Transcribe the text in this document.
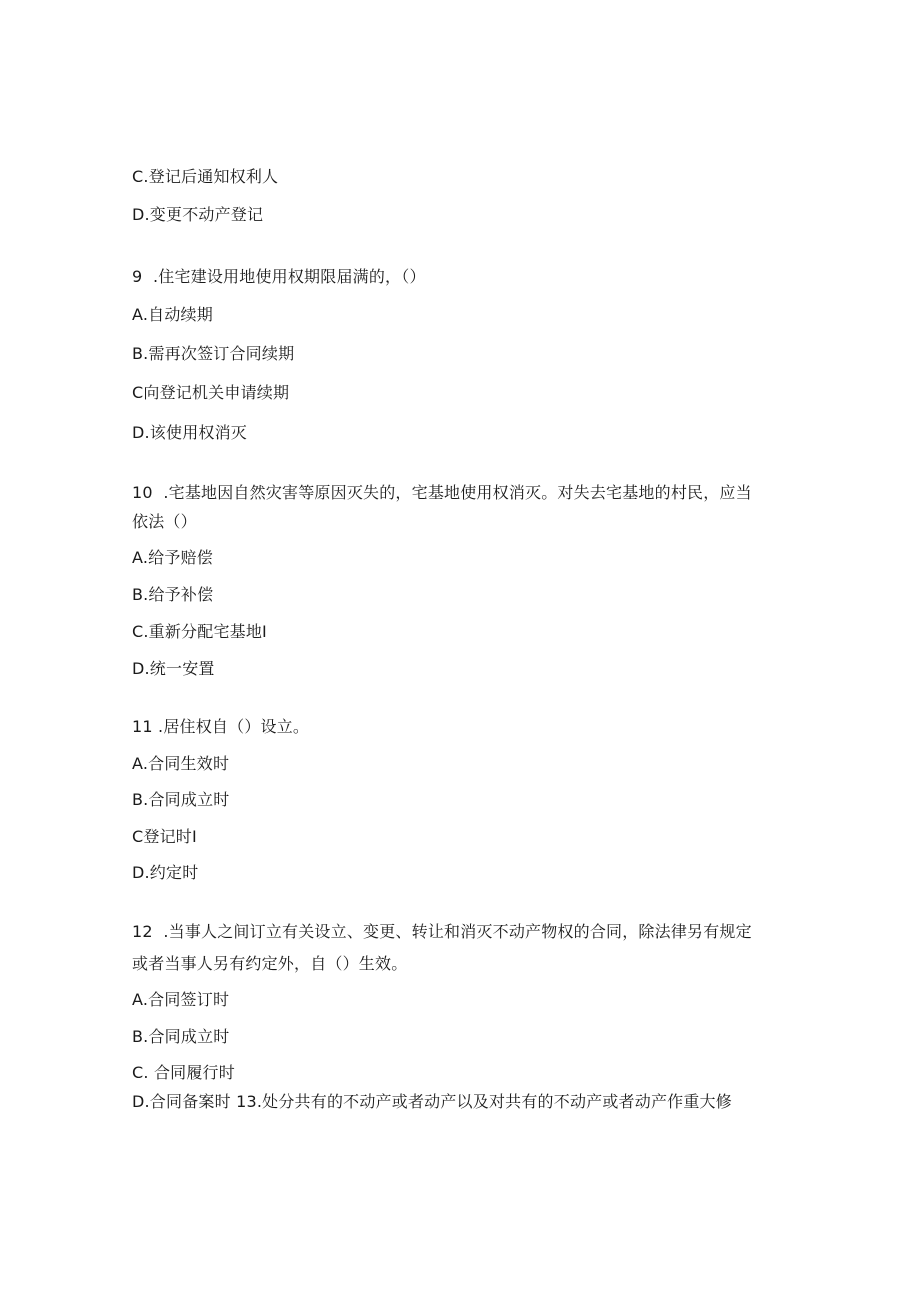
C.登记后通知权利人
D.变更不动产登记
9  .住宅建设用地使用权期限届满的，（）
A.自动续期
B.需再次签订合同续期
C向登记机关申请续期
D.该使用权消灭
10  .宅基地因自然灾害等原因灭失的，宅基地使用权消灭。对失去宅基地的村民，应当
依法（）
A.给予赔偿
B.给予补偿
C.重新分配宅基地I
D.统一安置
11 .居住权自（）设立。
A.合同生效时
B.合同成立时
C登记时I
D.约定时
12  .当事人之间订立有关设立、变更、转让和消灭不动产物权的合同，除法律另有规定
或者当事人另有约定外，自（）生效。
A.合同签订时
B.合同成立时
C. 合同履行时
D.合同备案时 13.处分共有的不动产或者动产以及对共有的不动产或者动产作重大修
